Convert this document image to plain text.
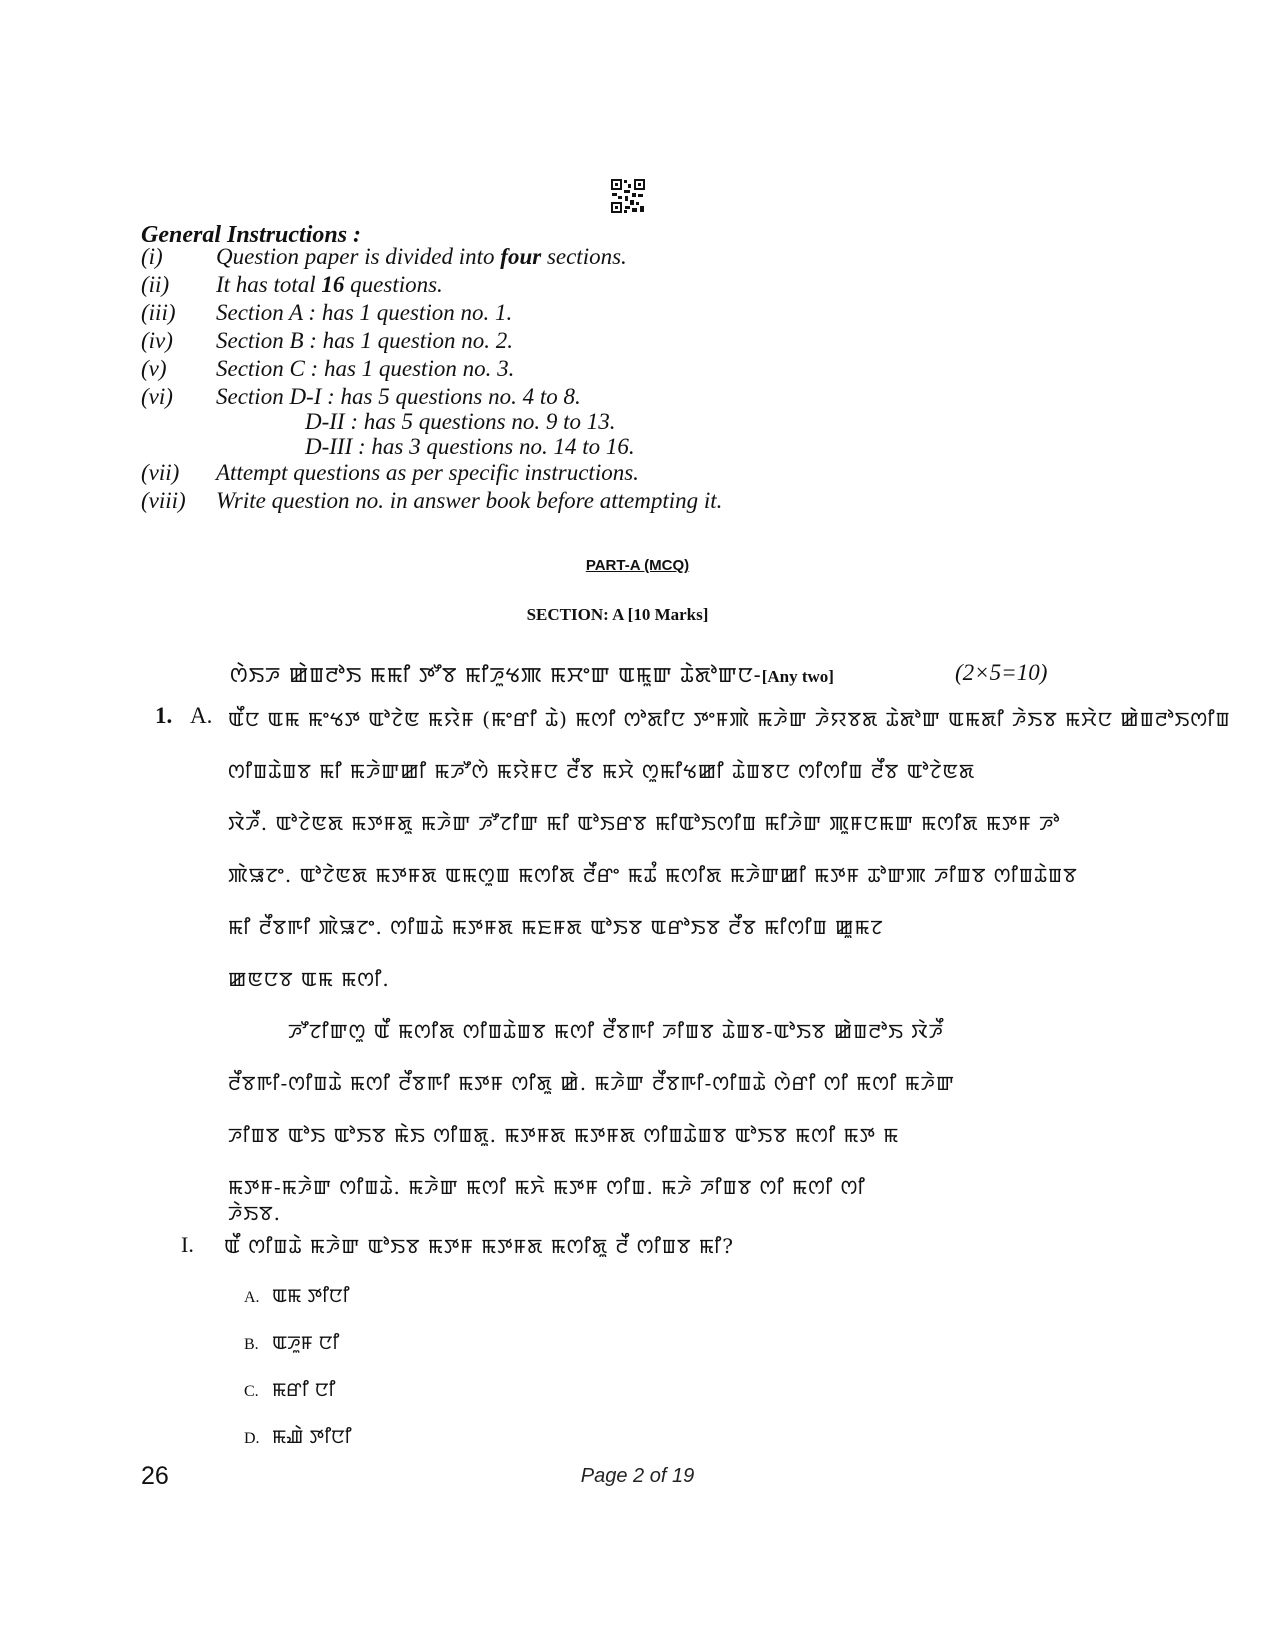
General Instructions :
(i) Question paper is divided into four sections.
(ii) It has total 16 questions.
(iii) Section A : has 1 question no. 1.
(iv) Section B : has 1 question no. 2.
(v) Section C : has 1 question no. 3.
(vi) Section D-I : has 5 questions no. 4 to 8.
D-II : has 5 questions no. 9 to 13.
D-III : has 3 questions no. 14 to 16.
(vii) Attempt questions as per specific instructions.
(viii) Write question no. in answer book before attempting it.
PART-A (MCQ)
SECTION: A [10 Marks]
ꯁꯥꯏꯍ ꯀꯥꯡꯂꯣꯏ ꯃꯃꯤ ꯇꯧꯕ ꯃꯤꯍꯨꯠꯄ ꯃꯆꯦꯛ ꯑꯃꯨꯛ ꯊꯥꯗꯣꯛꯅ-[Any two]	(2×5=10)
1. A. ꯑꯩꯅ ꯑꯃ ꯃꯦꯠꯇ ꯑꯣꯖꯥꯟ ꯃꯌꯥꯝ (ꯃꯦꯔꯤ ꯊꯥ) ꯃꯁꯤ ꯁꯣꯗꯤꯅ ꯇꯦꯝꯄꯥ ꯃꯍꯥꯛ ꯍꯥꯌꯕꯗ ꯊꯥꯗꯣꯛ ꯑꯃꯗꯤ ꯍꯥꯏꯕ ꯃꯆꯥꯅ ꯀꯥꯡꯂꯣꯏꯁꯤꯡ
ꯁꯤꯡꯊꯥꯡꯕ ꯃꯤ ꯃꯍꯥꯛꯀꯤ ꯃꯍꯧꯁꯥ ꯃꯌꯥꯝꯅ ꯂꯩꯕ ꯃꯆꯥ ꯁꯨꯃꯤꯠꯀꯤ ꯊꯥꯡꯕꯅ ꯁꯤꯁꯤꯡ ꯂꯩꯕ ꯑꯣꯖꯥꯟꯗ
ꯋꯥꯍꯩ. ꯑꯣꯖꯥꯟꯗ ꯃꯇꯝꯗꯨ ꯃꯍꯥꯛ ꯍꯧꯖꯤꯛ ꯃꯤ ꯑꯣꯏꯔꯕ ꯃꯤꯑꯣꯏꯁꯤꯡ ꯃꯤꯍꯥꯛ ꯄꯨꯝꯅꯃꯛ ꯃꯁꯤꯗ ꯃꯇꯝ ꯍꯣ
ꯄꯥꯎꯖꯦ. ꯑꯣꯖꯥꯟꯗ ꯃꯇꯝꯗ ꯑꯃꯁꯨꯡ ꯃꯁꯤꯗ ꯂꯩꯔꯦ ꯃꯊꯪ ꯃꯁꯤꯗ ꯃꯍꯥꯛꯀꯤ ꯃꯇꯝ ꯊꯣꯛꯄ ꯍꯤꯡꯕ ꯁꯤꯡꯊꯥꯡꯕ
ꯃꯤ ꯂꯩꯕꯒꯤ ꯄꯥꯎꯖꯦ. ꯁꯤꯡꯊꯥ ꯃꯇꯝꯗ ꯃꯐꯝꯗ ꯑꯣꯏꯕ ꯑꯔꯣꯏꯕ ꯂꯩꯕ ꯃꯤꯁꯤꯡ ꯀꯨꯃꯖ
ꯀꯟꯅꯕ ꯑꯃ ꯃꯁꯤ.
ꯍꯧꯖꯤꯛꯁꯨ ꯑꯩ ꯃꯁꯤꯗ ꯁꯤꯡꯊꯥꯡꯕ ꯃꯁꯤ ꯂꯩꯕꯒꯤ ꯍꯤꯡꯕ ꯊꯥꯡꯕ-ꯑꯣꯏꯕ ꯀꯥꯡꯂꯣꯏ ꯋꯥꯍꯩ
ꯂꯩꯕꯒꯤ-ꯁꯤꯡꯊꯥ ꯃꯁꯤ ꯂꯩꯕꯒꯤ ꯃꯇꯝ ꯁꯤꯗꯨ ꯀꯥ. ꯃꯍꯥꯛ ꯂꯩꯕꯒꯤ-ꯁꯤꯡꯊꯥ ꯁꯥꯔꯤ ꯁꯤ ꯃꯁꯤ ꯃꯍꯥꯛ
ꯍꯤꯡꯕ ꯑꯣꯏ ꯑꯣꯏꯕ ꯃꯥꯏ ꯁꯤꯡꯗꯨ. ꯃꯇꯝꯗ ꯃꯇꯝꯗ ꯁꯤꯡꯊꯥꯡꯕ ꯑꯣꯏꯕ ꯃꯁꯤ ꯃꯇ ꯃ
ꯃꯇꯝ-ꯃꯍꯥꯛ ꯁꯤꯡꯊꯥ. ꯃꯍꯥꯛ ꯃꯁꯤ ꯃꯈꯥ ꯃꯇꯝ ꯁꯤꯡ. ꯃꯍꯥ ꯍꯤꯡꯕ ꯁꯤ ꯃꯁꯤ ꯁꯤ
ꯍꯥꯏꯕ.
I. ꯑꯩ ꯁꯤꯡꯊꯥ ꯃꯍꯥꯛ ꯑꯣꯏꯕ ꯃꯇꯝ ꯃꯇꯝꯗ ꯃꯁꯤꯗꯨ ꯂꯩ ꯁꯤꯡꯕ ꯃꯤ?
A. ꯑꯃ ꯇꯤꯅꯤ
B. ꯑꯍꯨꯝ ꯅꯤ
C. ꯃꯔꯤ ꯅꯤ
D. ꯃꯉꯥ ꯇꯤꯅꯤ
26	Page 2 of 19
